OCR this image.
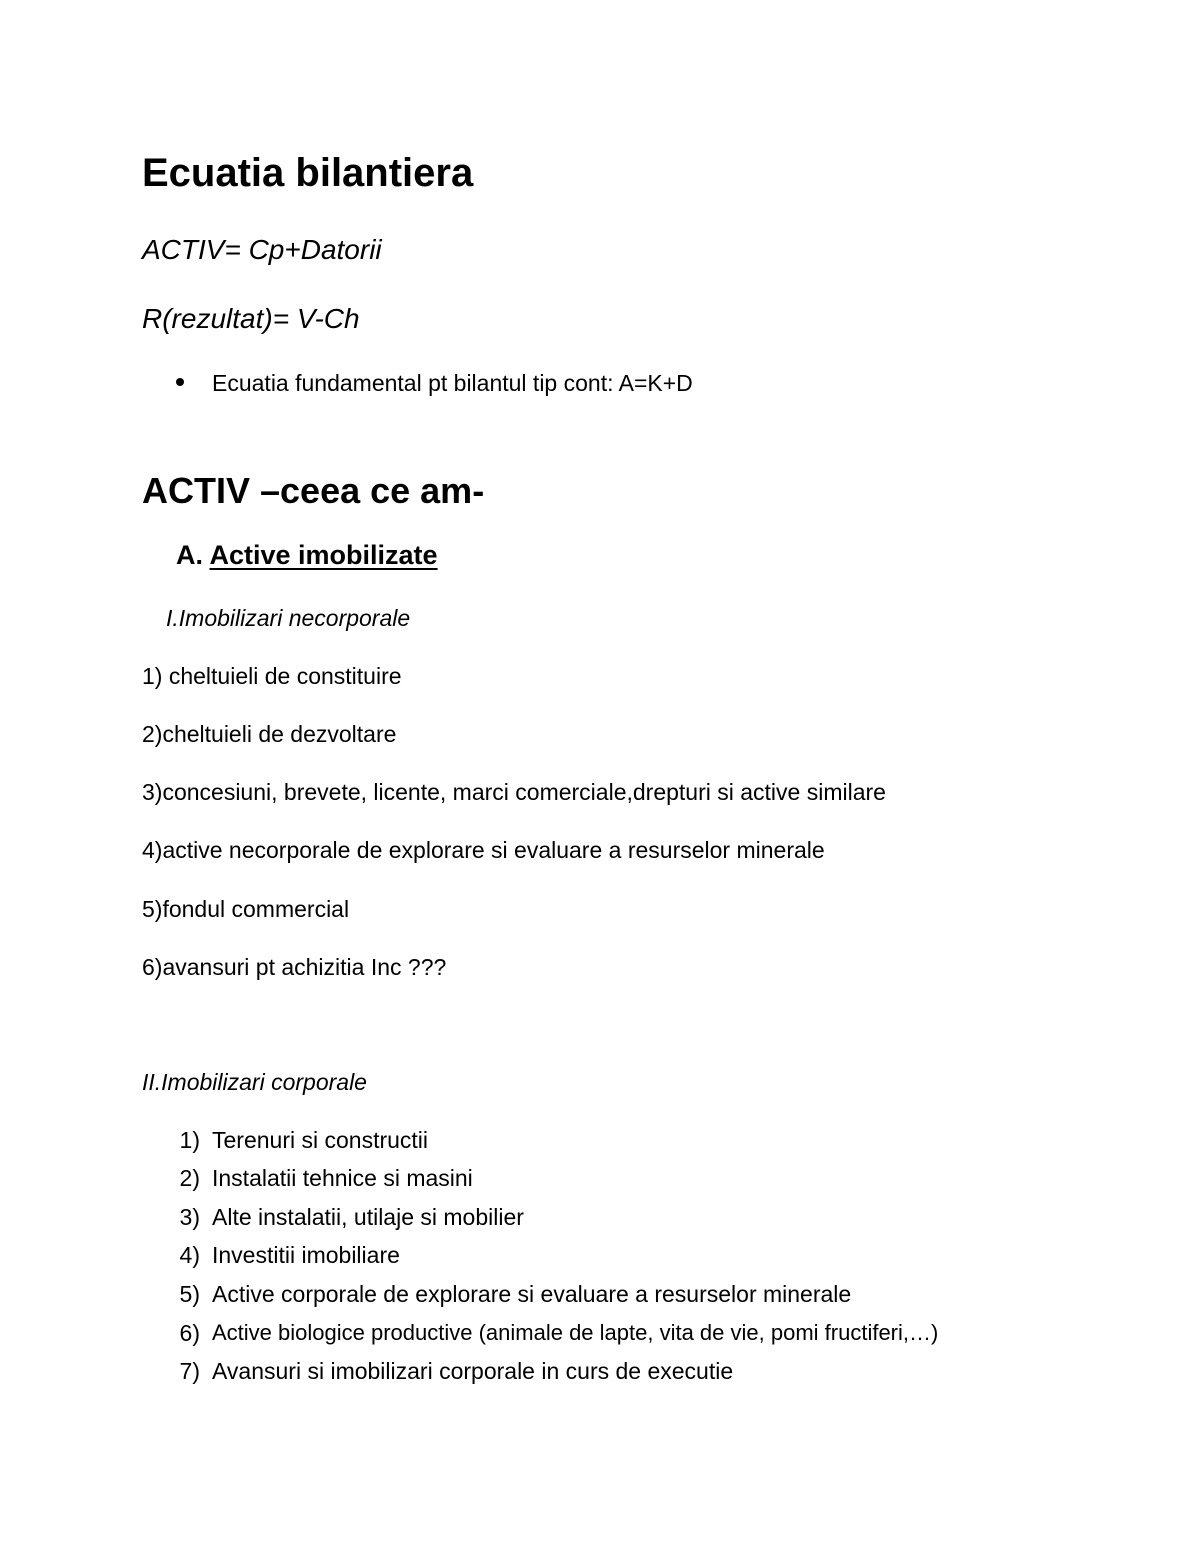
Ecuatia bilantiera

ACTIV= Cp+Datorii

R(rezultat)= V-Ch

Ecuatia fundamental pt bilantul tip cont: A=K+D

ACTIV –ceea ce am-

A. Active imobilizate

I.Imobilizari necorporale

1) cheltuieli de constituire

2)cheltuieli de dezvoltare

3)concesiuni, brevete, licente, marci comerciale,drepturi si active similare

4)active necorporale de explorare si evaluare a resurselor minerale

5)fondul commercial

6)avansuri pt achizitia Inc ???

II.Imobilizari corporale

1) Terenuri si constructii

2) Instalatii tehnice si masini

3) Alte instalatii, utilaje si mobilier

4) Investitii imobiliare

5) Active corporale de explorare si evaluare a resurselor minerale

6) Active biologice productive (animale de lapte, vita de vie, pomi fructiferi,…)

7) Avansuri si imobilizari corporale in curs de executie
